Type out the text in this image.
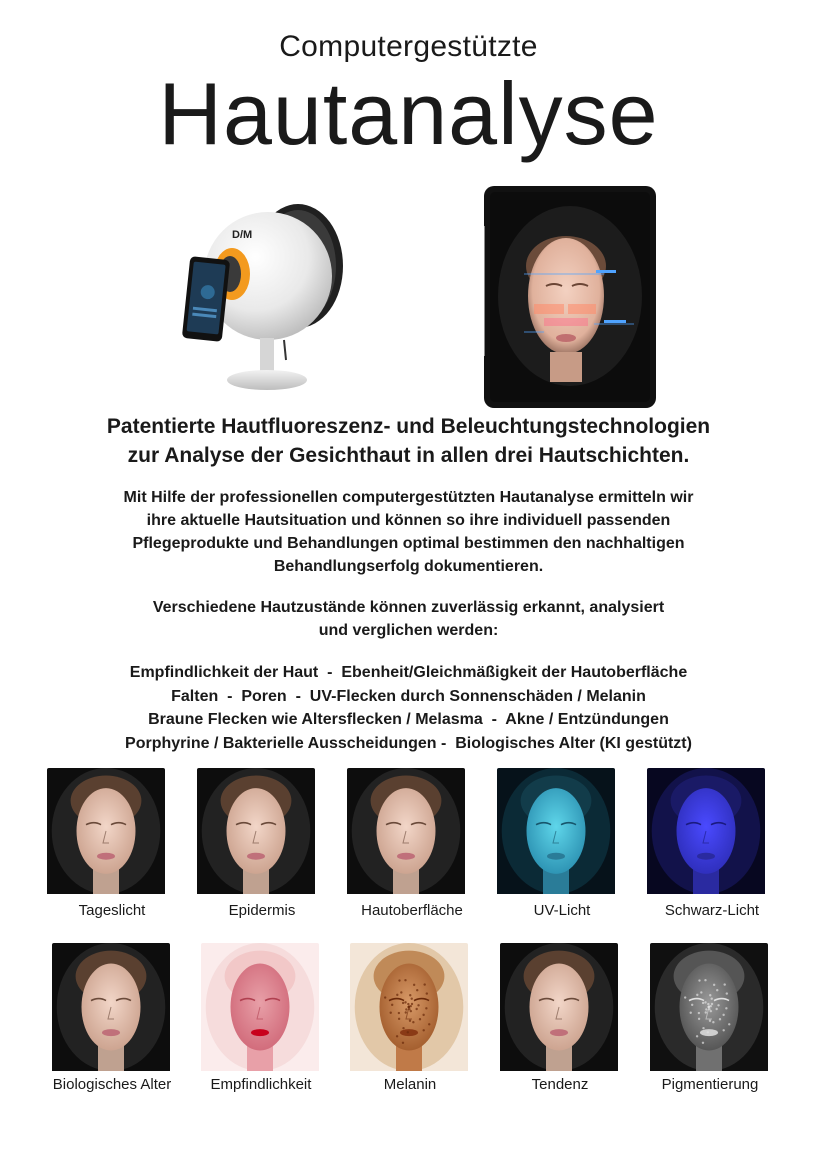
Computergestützte
Hautanalyse
D/M
Patentierte Hautfluoreszenz- und Beleuchtungstechnologien
zur Analyse der Gesichthaut in allen drei Hautschichten.
Mit Hilfe der professionellen computergestützten Hautanalyse ermitteln wir
ihre aktuelle Hautsituation und können so ihre individuell passenden
Pflegeprodukte und Behandlungen optimal bestimmen den nachhaltigen
Behandlungserfolg dokumentieren.
Verschiedene Hautzustände können zuverlässig erkannt, analysiert
und verglichen werden:
Empfindlichkeit der Haut  -  Ebenheit/Gleichmäßigkeit der Hautoberfläche
Falten  -  Poren  -  UV-Flecken durch Sonnenschäden / Melanin
Braune Flecken wie Altersflecken / Melasma  -  Akne / Entzündungen
Porphyrine / Bakterielle Ausscheidungen -  Biologisches Alter (KI gestützt)
Tageslicht	Epidermis	Hautoberfläche	UV-Licht	Schwarz-Licht
Biologisches Alter	Empfindlichkeit	Melanin	Tendenz	Pigmentierung
